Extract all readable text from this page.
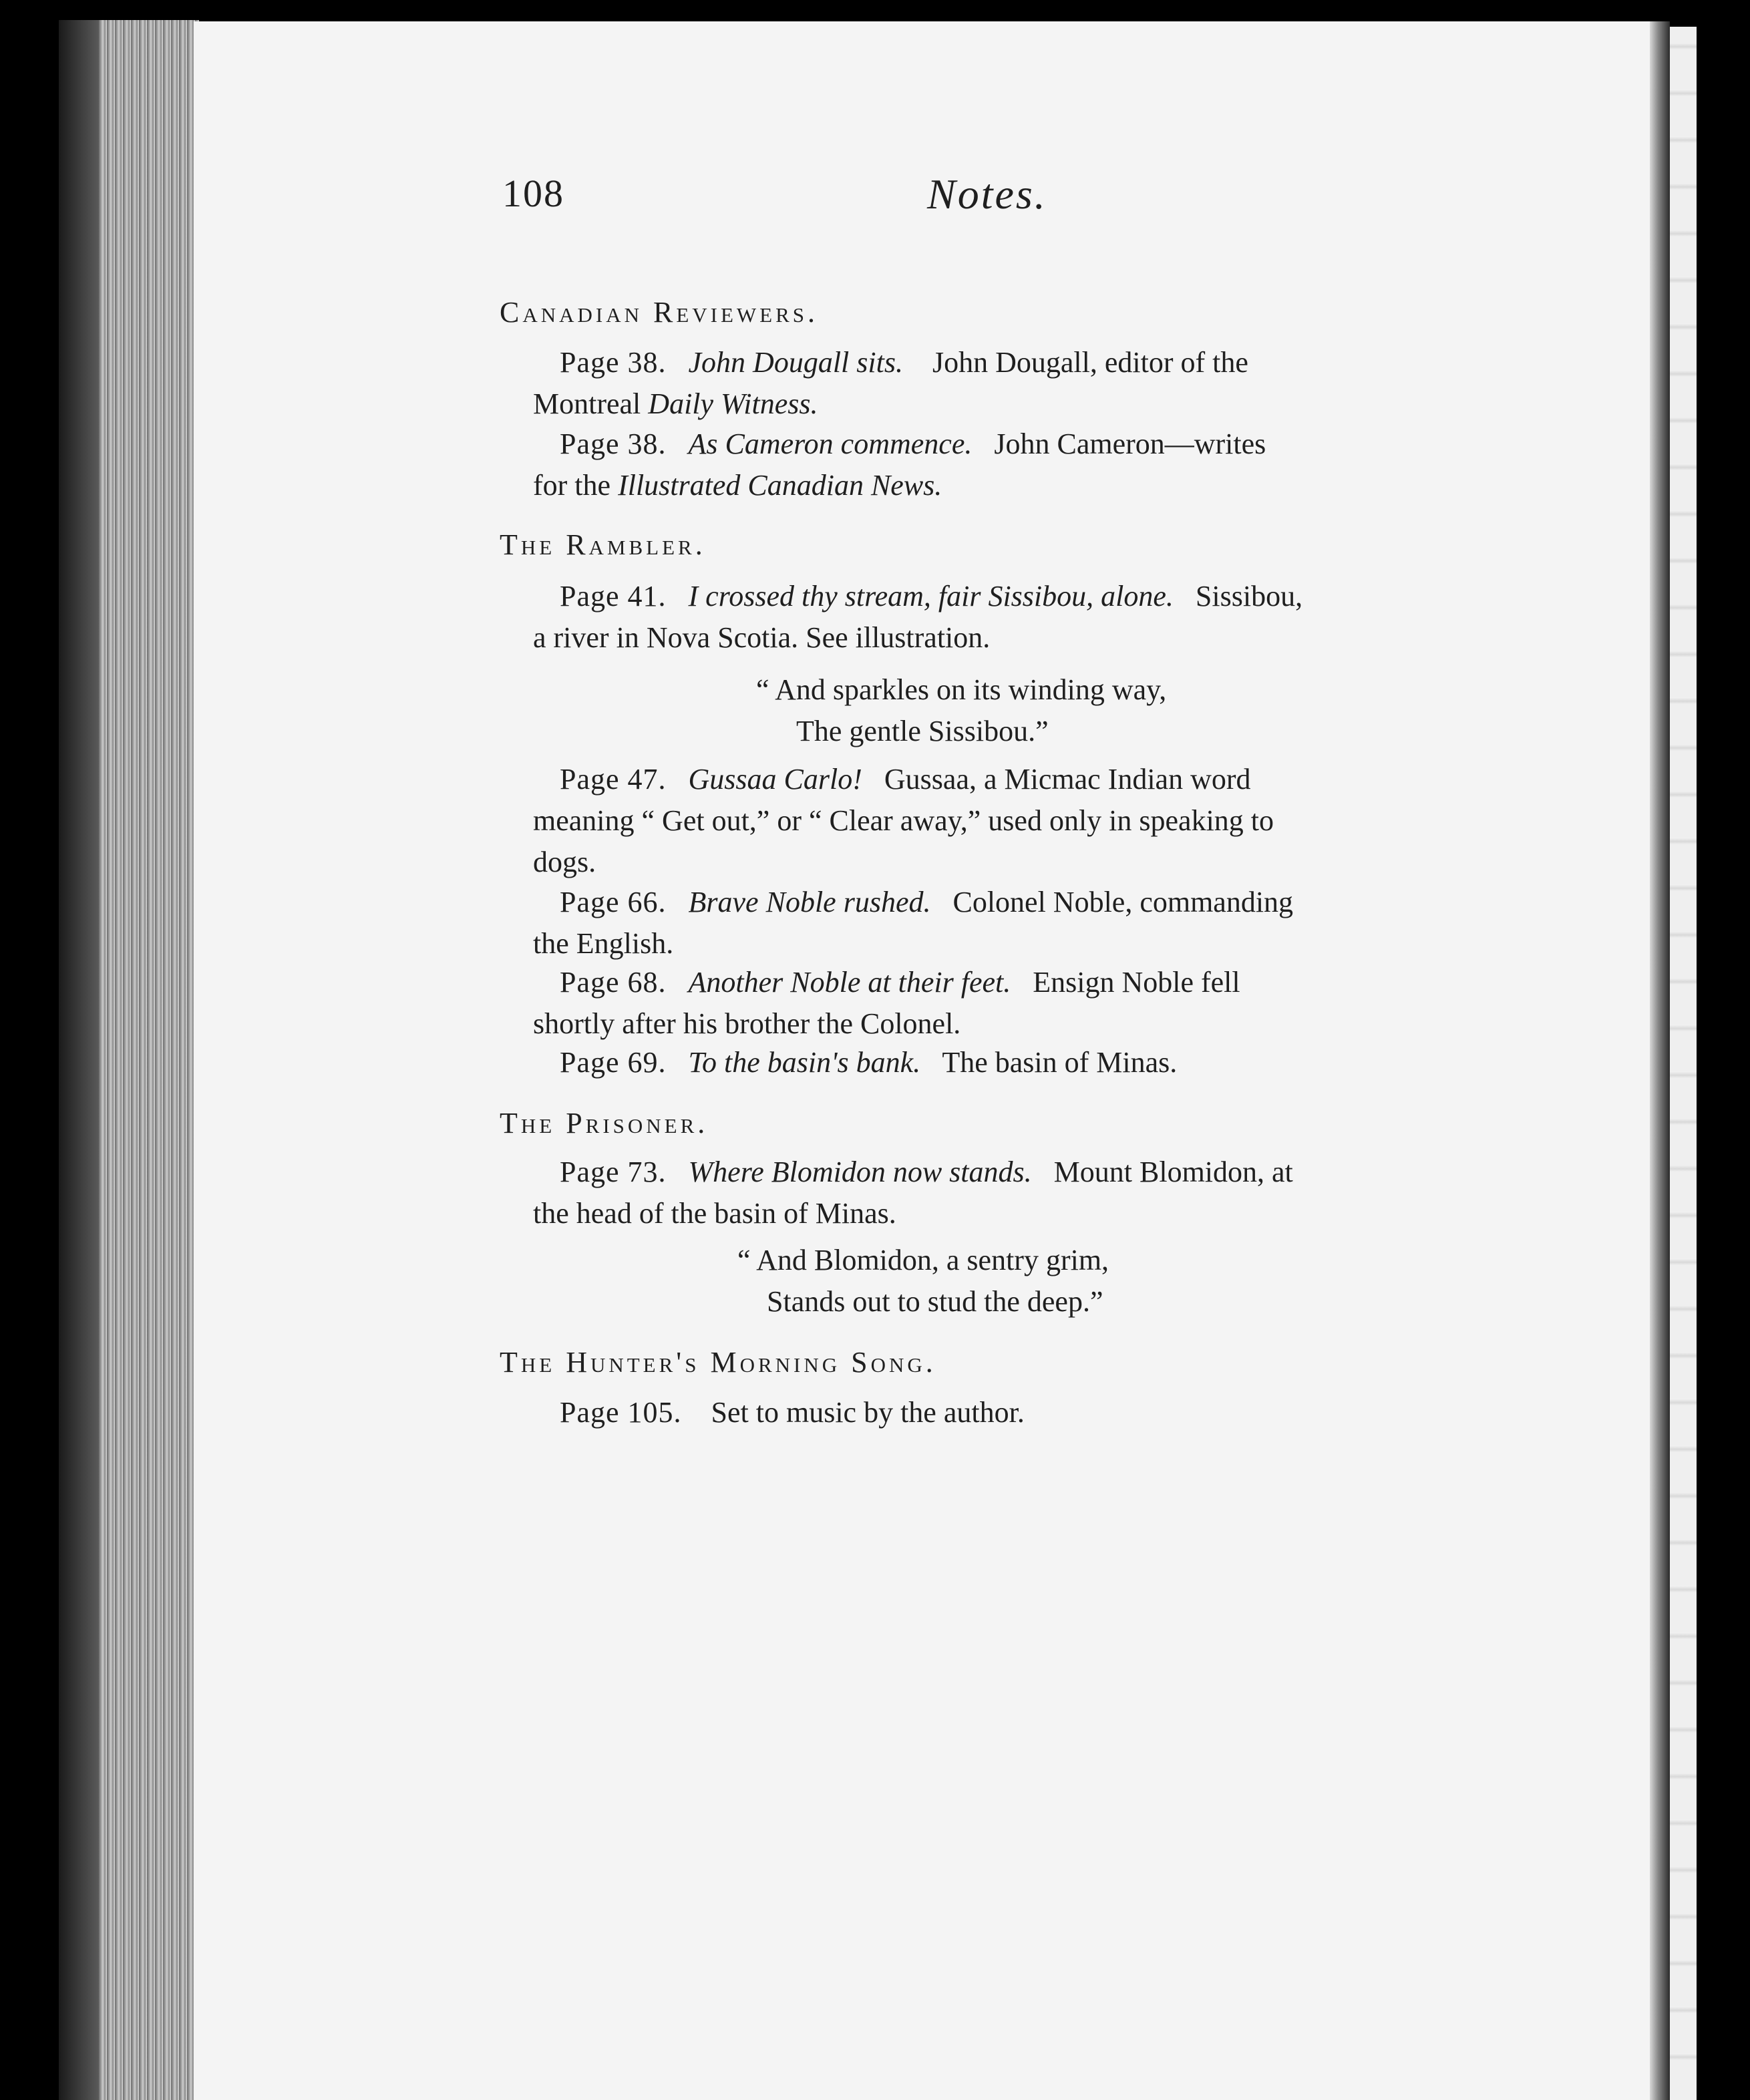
108	Notes.
Canadian Reviewers.
Page 38. John Dougall sits. John Dougall, editor of the
Montreal Daily Witness.
Page 38. As Cameron commence. John Cameron—writes
for the Illustrated Canadian News.
The Rambler.
Page 41. I crossed thy stream, fair Sissibou, alone. Sissibou,
a river in Nova Scotia. See illustration.
“ And sparkles on its winding way,
The gentle Sissibou.”
Page 47. Gussaa Carlo! Gussaa, a Micmac Indian word
meaning “ Get out,” or “ Clear away,” used only in speaking to
dogs.
Page 66. Brave Noble rushed. Colonel Noble, commanding
the English.
Page 68. Another Noble at their feet. Ensign Noble fell
shortly after his brother the Colonel.
Page 69. To the basin's bank. The basin of Minas.
The Prisoner.
Page 73. Where Blomidon now stands. Mount Blomidon, at
the head of the basin of Minas.
“ And Blomidon, a sentry grim,
Stands out to stud the deep.”
The Hunter's Morning Song.
Page 105. Set to music by the author.
